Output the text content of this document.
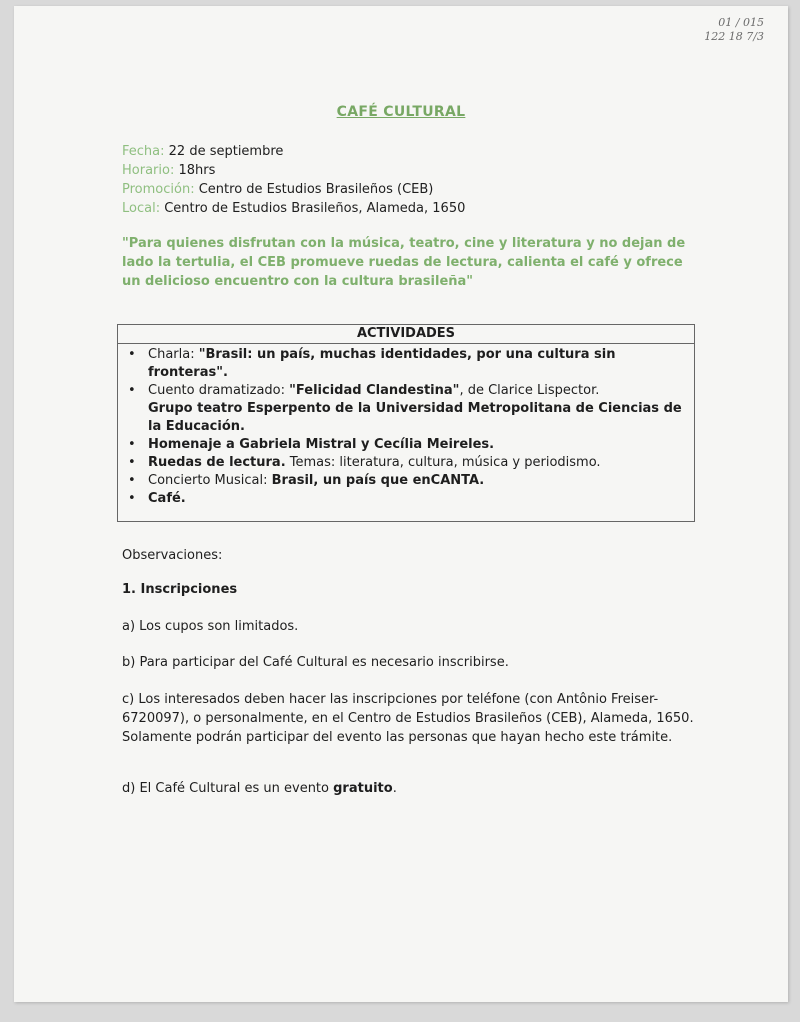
01 / 015
122 18 7/3
CAFÉ CULTURAL
Fecha: 22 de septiembre
Horario: 18hrs
Promoción: Centro de Estudios Brasileños (CEB)
Local: Centro de Estudios Brasileños, Alameda, 1650
"Para quienes disfrutan con la música, teatro, cine y literatura y no dejan de lado la tertulia, el CEB promueve ruedas de lectura, calienta el café y ofrece un delicioso encuentro con la cultura brasileña"
ACTIVIDADES
• Charla: "Brasil: un país, muchas identidades, por una cultura sin fronteras".
• Cuento dramatizado: "Felicidad Clandestina", de Clarice Lispector.
Grupo teatro Esperpento de la Universidad Metropolitana de Ciencias de la Educación.
• Homenaje a Gabriela Mistral y Cecília Meireles.
• Ruedas de lectura. Temas: literatura, cultura, música y periodismo.
• Concierto Musical: Brasil, un país que enCANTA.
• Café.
Observaciones:
1. Inscripciones
a) Los cupos son limitados.
b) Para participar del Café Cultural es necesario inscribirse.
c) Los interesados deben hacer las inscripciones por teléfone (con Antônio Freiser-6720097), o personalmente, en el Centro de Estudios Brasileños (CEB), Alameda, 1650. Solamente podrán participar del evento las personas que hayan hecho este trámite.
d) El Café Cultural es un evento gratuito.
